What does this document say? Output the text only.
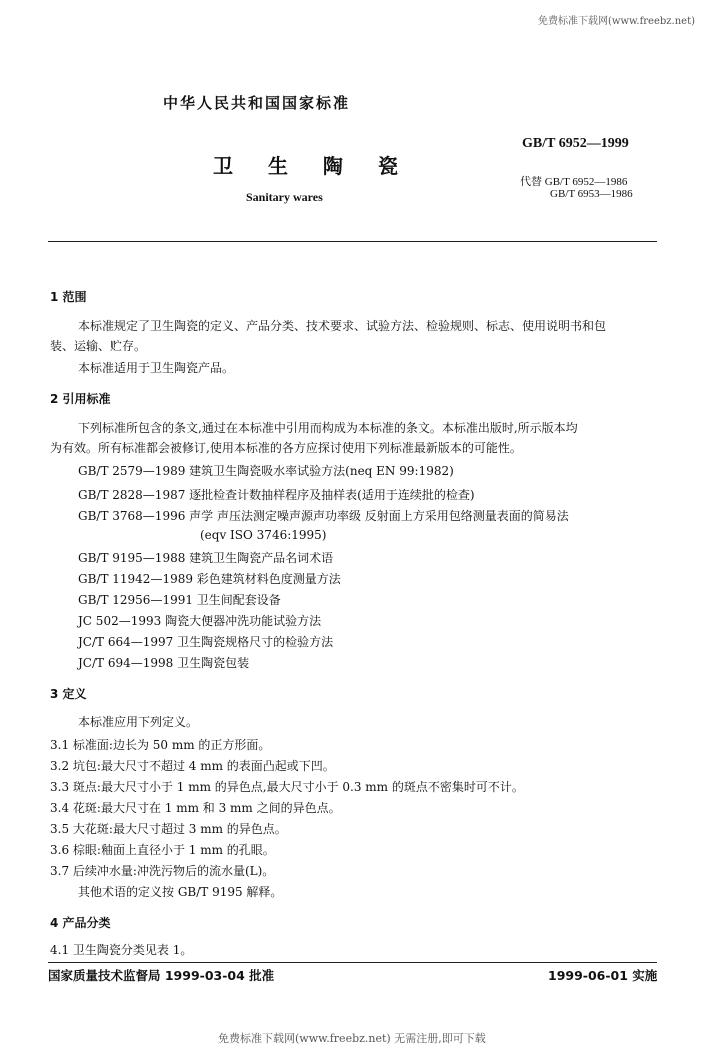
免费标准下载网(www.freebz.net)
中华人民共和国国家标准
卫 生 陶 瓷
Sanitary wares
GB/T 6952—1999
代替 GB/T 6952—1986
GB/T 6953—1986
1 范围
本标准规定了卫生陶瓷的定义、产品分类、技术要求、试验方法、检验规则、标志、使用说明书和包
装、运输、贮存。
本标准适用于卫生陶瓷产品。
2 引用标准
下列标准所包含的条文,通过在本标准中引用而构成为本标准的条文。本标准出版时,所示版本均
为有效。所有标准都会被修订,使用本标准的各方应探讨使用下列标准最新版本的可能性。
GB/T 2579—1989 建筑卫生陶瓷吸水率试验方法(neq EN 99:1982)
GB/T 2828—1987 逐批检查计数抽样程序及抽样表(适用于连续批的检查)
GB/T 3768—1996 声学 声压法测定噪声源声功率级 反射面上方采用包络测量表面的简易法
(eqv ISO 3746:1995)
GB/T 9195—1988 建筑卫生陶瓷产品名词术语
GB/T 11942—1989 彩色建筑材料色度测量方法
GB/T 12956—1991 卫生间配套设备
JC 502—1993 陶瓷大便器冲洗功能试验方法
JC/T 664—1997 卫生陶瓷规格尺寸的检验方法
JC/T 694—1998 卫生陶瓷包装
3 定义
本标准应用下列定义。
3.1 标准面:边长为 50 mm 的正方形面。
3.2 坑包:最大尺寸不超过 4 mm 的表面凸起或下凹。
3.3 斑点:最大尺寸小于 1 mm 的异色点,最大尺寸小于 0.3 mm 的斑点不密集时可不计。
3.4 花斑:最大尺寸在 1 mm 和 3 mm 之间的异色点。
3.5 大花斑:最大尺寸超过 3 mm 的异色点。
3.6 棕眼:釉面上直径小于 1 mm 的孔眼。
3.7 后续冲水量:冲洗污物后的流水量(L)。
其他术语的定义按 GB/T 9195 解释。
4 产品分类
4.1 卫生陶瓷分类见表 1。
国家质量技术监督局 1999-03-04 批准	1999-06-01 实施
免费标准下载网(www.freebz.net) 无需注册,即可下载
